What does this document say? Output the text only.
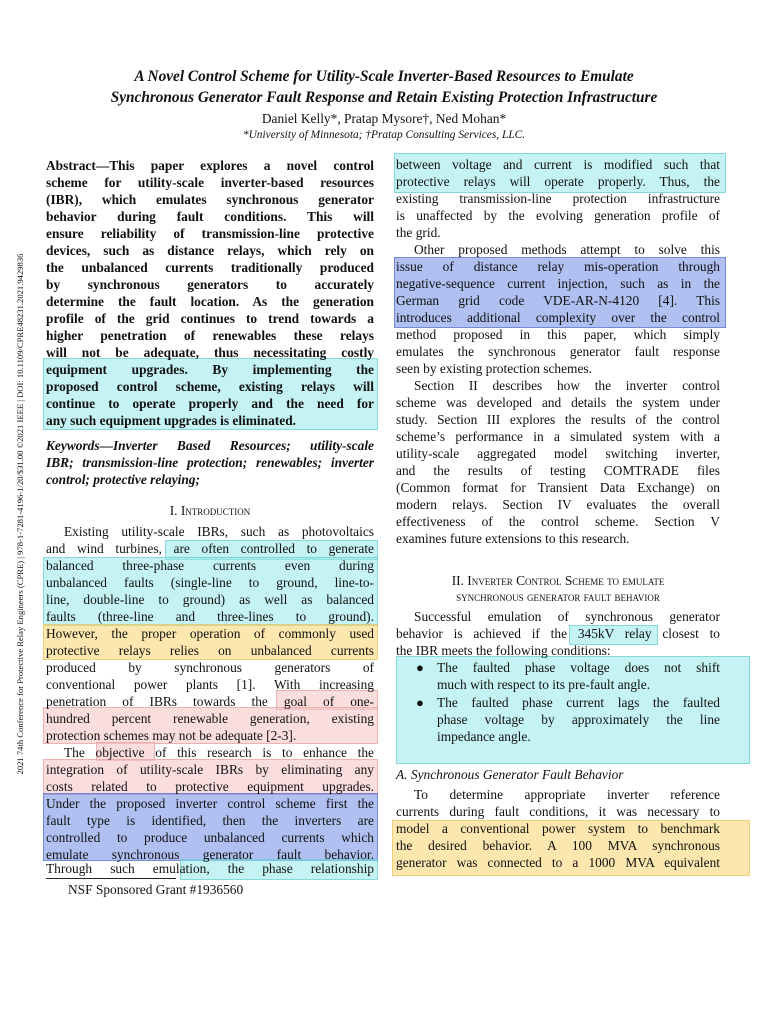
A Novel Control Scheme for Utility-Scale Inverter-Based Resources to Emulate
Synchronous Generator Fault Response and Retain Existing Protection Infrastructure
Daniel Kelly*, Pratap Mysore†, Ned Mohan*
*University of Minnesota; †Pratap Consulting Services, LLC.
2021 74th Conference for Protective Relay Engineers (CPRE) | 978-1-7281-4196-1/20/$31.00 ©2021 IEEE | DOI: 10.1109/CPRE48231.2021.9429836
Abstract—This paper explores a novel control
scheme for utility-scale inverter-based resources
(IBR), which emulates synchronous generator
behavior during fault conditions. This will
ensure reliability of transmission-line protective
devices, such as distance relays, which rely on
the unbalanced currents traditionally produced
by synchronous generators to accurately
determine the fault location. As the generation
profile of the grid continues to trend towards a
higher penetration of renewables these relays
will not be adequate, thus necessitating costly
equipment upgrades. By implementing the
proposed control scheme, existing relays will
continue to operate properly and the need for
any such equipment upgrades is eliminated.
Keywords—Inverter Based Resources; utility-scale
IBR; transmission-line protection; renewables; inverter
control; protective relaying;
I. Introduction
Existing utility-scale IBRs, such as photovoltaics
and wind turbines, are often controlled to generate
balanced three-phase currents even during
unbalanced faults (single-line to ground, line-to-
line, double-line to ground) as well as balanced
faults (three-line and three-lines to ground).
However, the proper operation of commonly used
protective relays relies on unbalanced currents
produced by synchronous generators of
conventional power plants [1]. With increasing
penetration of IBRs towards the goal of one-
hundred percent renewable generation, existing
protection schemes may not be adequate [2-3].
The objective of this research is to enhance the
integration of utility-scale IBRs by eliminating any
costs related to protective equipment upgrades.
Under the proposed inverter control scheme first the
fault type is identified, then the inverters are
controlled to produce unbalanced currents which
emulate synchronous generator fault behavior.
Through such emulation, the phase relationship
NSF Sponsored Grant #1936560
between voltage and current is modified such that
protective relays will operate properly. Thus, the
existing transmission-line protection infrastructure
is unaffected by the evolving generation profile of
the grid.
Other proposed methods attempt to solve this
issue of distance relay mis-operation through
negative-sequence current injection, such as in the
German grid code VDE-AR-N-4120 [4]. This
introduces additional complexity over the control
method proposed in this paper, which simply
emulates the synchronous generator fault response
seen by existing protection schemes.
Section II describes how the inverter control
scheme was developed and details the system under
study. Section III explores the results of the control
scheme’s performance in a simulated system with a
utility-scale aggregated model switching inverter,
and the results of testing COMTRADE files
(Common format for Transient Data Exchange) on
modern relays. Section IV evaluates the overall
effectiveness of the control scheme. Section V
examines future extensions to this research.
II. Inverter Control Scheme to emulate
synchronous generator fault behavior
Successful emulation of synchronous generator
behavior is achieved if the 345kV relay closest to
the IBR meets the following conditions:
● The faulted phase voltage does not shift
much with respect to its pre-fault angle.
● The faulted phase current lags the faulted
phase voltage by approximately the line
impedance angle.
A. Synchronous Generator Fault Behavior
To determine appropriate inverter reference
currents during fault conditions, it was necessary to
model a conventional power system to benchmark
the desired behavior. A 100 MVA synchronous
generator was connected to a 1000 MVA equivalent
